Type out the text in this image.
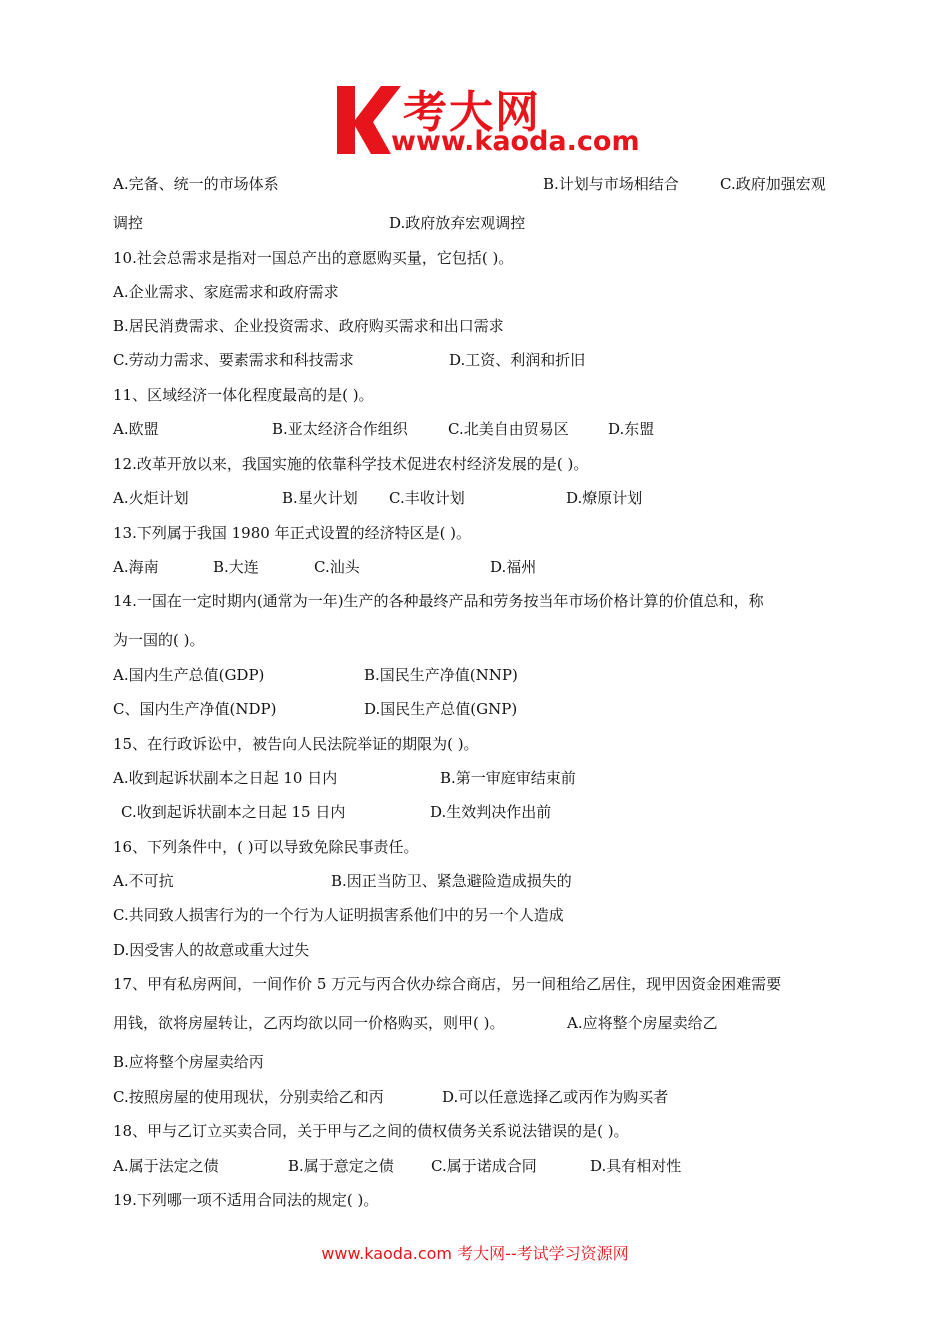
考大网
www.kaoda.com
A.完备、统一的市场体系	B.计划与市场相结合	C.政府加强宏观
调控	D.政府放弃宏观调控
10.社会总需求是指对一国总产出的意愿购买量，它包括( )。
A.企业需求、家庭需求和政府需求
B.居民消费需求、企业投资需求、政府购买需求和出口需求
C.劳动力需求、要素需求和科技需求	D.工资、利润和折旧
11、区域经济一体化程度最高的是( )。
A.欧盟	B.亚太经济合作组织	C.北美自由贸易区	D.东盟
12.改革开放以来，我国实施的依靠科学技术促进农村经济发展的是( )。
A.火炬计划	B.星火计划 C.丰收计划	D.燎原计划
13.下列属于我国 1980 年正式设置的经济特区是( )。
A.海南	B.大连	C.汕头	D.福州
14.一国在一定时期内(通常为一年)生产的各种最终产品和劳务按当年市场价格计算的价值总和，称
为一国的( )。
A.国内生产总值(GDP)	B.国民生产净值(NNP)
C、国内生产净值(NDP)	D.国民生产总值(GNP)
15、在行政诉讼中，被告向人民法院举证的期限为( )。
A.收到起诉状副本之日起 10 日内	B.第一审庭审结束前
C.收到起诉状副本之日起 15 日内	D.生效判决作出前
16、下列条件中，( )可以导致免除民事责任。
A.不可抗	B.因正当防卫、紧急避险造成损失的
C.共同致人损害行为的一个行为人证明损害系他们中的另一个人造成
D.因受害人的故意或重大过失
17、甲有私房两间，一间作价 5 万元与丙合伙办综合商店，另一间租给乙居住，现甲因资金困难需要
用钱，欲将房屋转让，乙丙均欲以同一价格购买，则甲( )。	A.应将整个房屋卖给乙
B.应将整个房屋卖给丙
C.按照房屋的使用现状，分别卖给乙和丙	D.可以任意选择乙或丙作为购买者
18、甲与乙订立买卖合同，关于甲与乙之间的债权债务关系说法错误的是( )。
A.属于法定之债	B.属于意定之债 C.属于诺成合同	D.具有相对性
19.下列哪一项不适用合同法的规定( )。
www.kaoda.com 考大网--考试学习资源网
